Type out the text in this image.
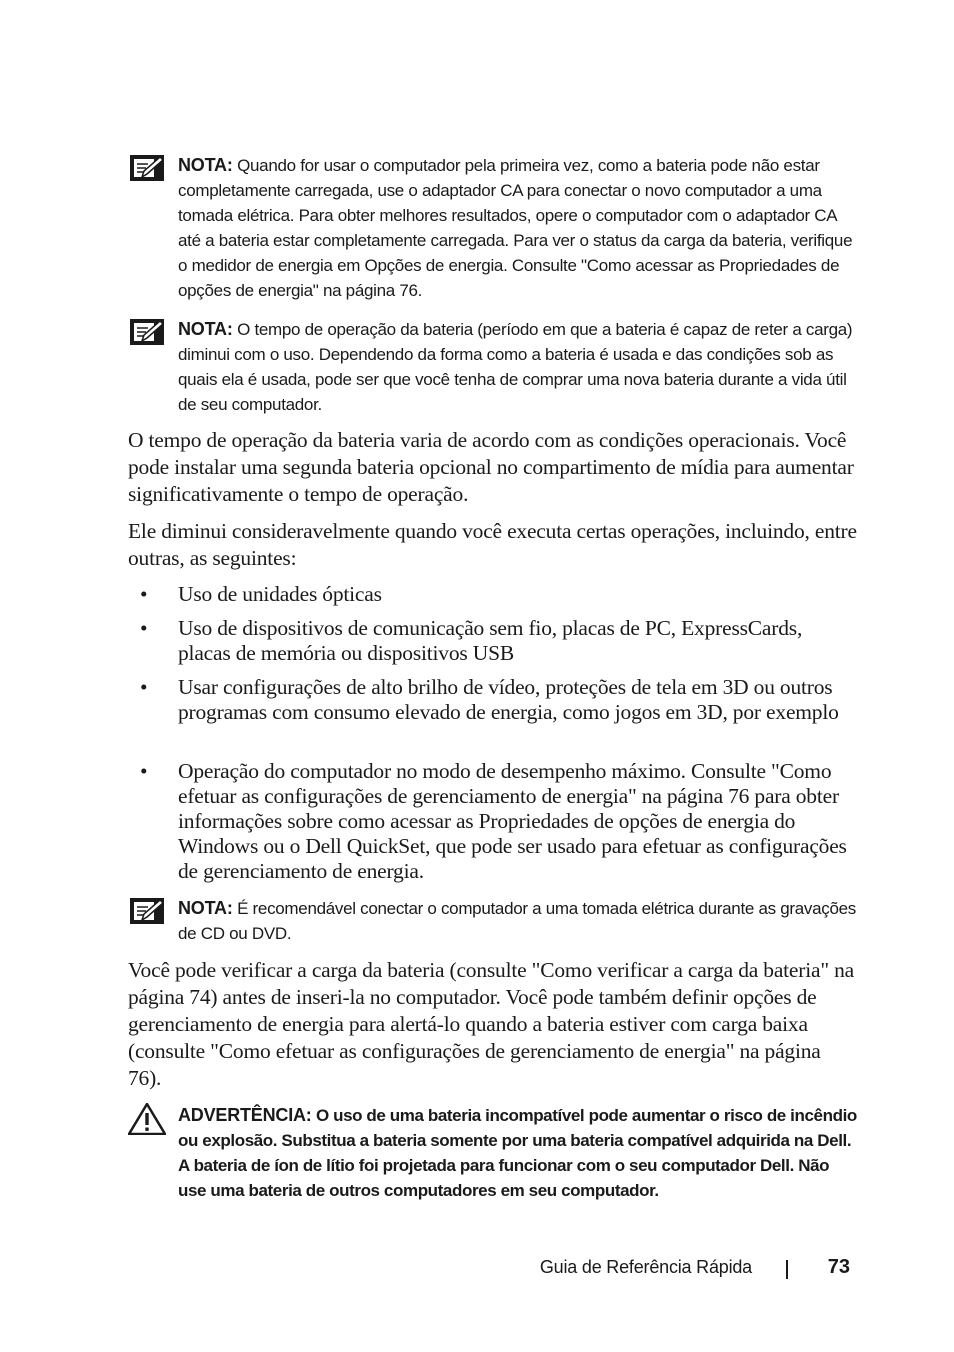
NOTA: Quando for usar o computador pela primeira vez, como a bateria pode não estar completamente carregada, use o adaptador CA para conectar o novo computador a uma tomada elétrica. Para obter melhores resultados, opere o computador com o adaptador CA até a bateria estar completamente carregada. Para ver o status da carga da bateria, verifique o medidor de energia em Opções de energia. Consulte "Como acessar as Propriedades de opções de energia" na página 76.
NOTA: O tempo de operação da bateria (período em que a bateria é capaz de reter a carga) diminui com o uso. Dependendo da forma como a bateria é usada e das condições sob as quais ela é usada, pode ser que você tenha de comprar uma nova bateria durante a vida útil de seu computador.
O tempo de operação da bateria varia de acordo com as condições operacionais. Você pode instalar uma segunda bateria opcional no compartimento de mídia para aumentar significativamente o tempo de operação.
Ele diminui consideravelmente quando você executa certas operações, incluindo, entre outras, as seguintes:
• Uso de unidades ópticas
• Uso de dispositivos de comunicação sem fio, placas de PC, ExpressCards, placas de memória ou dispositivos USB
• Usar configurações de alto brilho de vídeo, proteções de tela em 3D ou outros programas com consumo elevado de energia, como jogos em 3D, por exemplo
• Operação do computador no modo de desempenho máximo. Consulte "Como efetuar as configurações de gerenciamento de energia" na página 76 para obter informações sobre como acessar as Propriedades de opções de energia do Windows ou o Dell QuickSet, que pode ser usado para efetuar as configurações de gerenciamento de energia.
NOTA: É recomendável conectar o computador a uma tomada elétrica durante as gravações de CD ou DVD.
Você pode verificar a carga da bateria (consulte "Como verificar a carga da bateria" na página 74) antes de inseri-la no computador. Você pode também definir opções de gerenciamento de energia para alertá-lo quando a bateria estiver com carga baixa (consulte "Como efetuar as configurações de gerenciamento de energia" na página 76).
ADVERTÊNCIA: O uso de uma bateria incompatível pode aumentar o risco de incêndio ou explosão. Substitua a bateria somente por uma bateria compatível adquirida na Dell. A bateria de íon de lítio foi projetada para funcionar com o seu computador Dell. Não use uma bateria de outros computadores em seu computador.
Guia de Referência Rápida	73
